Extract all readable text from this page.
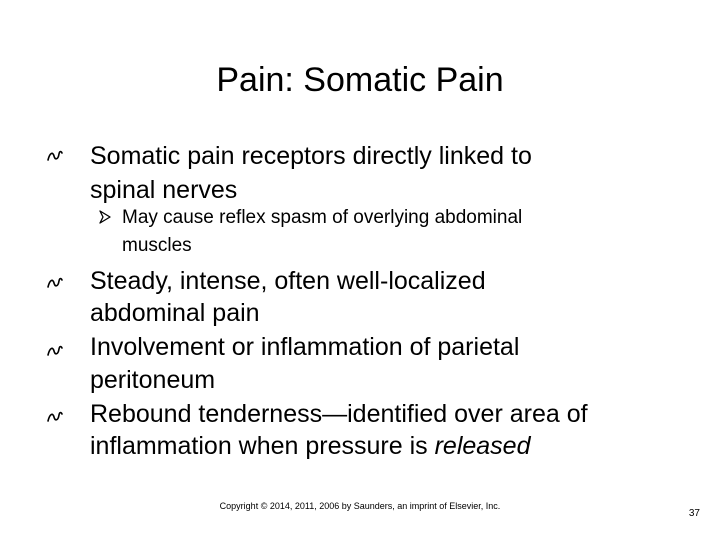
Pain: Somatic Pain
Somatic pain receptors directly linked to
spinal nerves
May cause reflex spasm of overlying abdominal
muscles
Steady, intense, often well-localized
abdominal pain
Involvement or inflammation of parietal
peritoneum
Rebound tenderness—identified over area of
inflammation when pressure is released
Copyright © 2014, 2011, 2006 by Saunders, an imprint of Elsevier, Inc.
37
